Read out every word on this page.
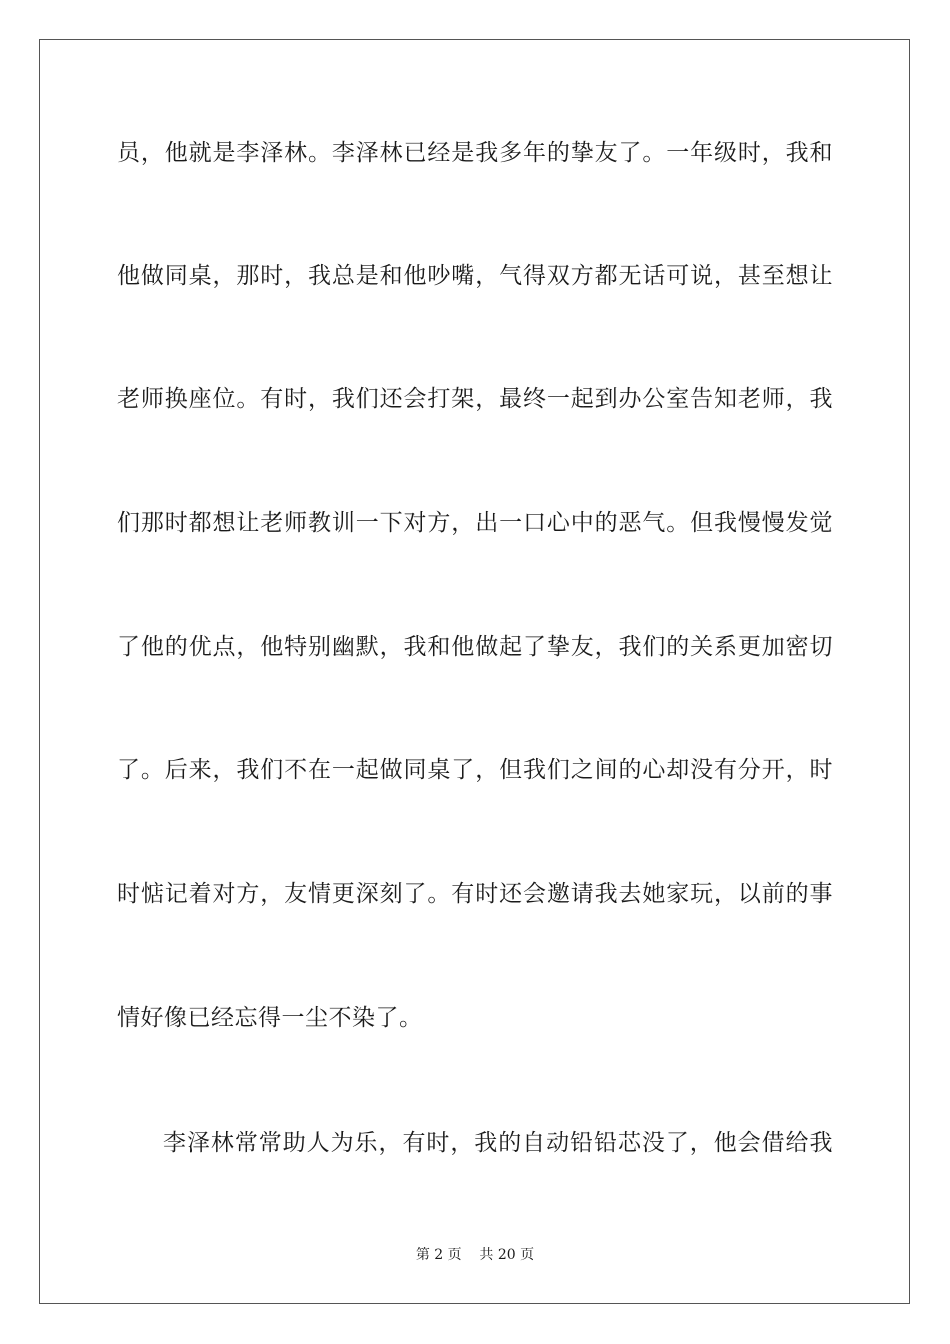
员，他就是李泽林。李泽林已经是我多年的挚友了。一年级时，我和

他做同桌，那时，我总是和他吵嘴，气得双方都无话可说，甚至想让

老师换座位。有时，我们还会打架，最终一起到办公室告知老师，我

们那时都想让老师教训一下对方，出一口心中的恶气。但我慢慢发觉

了他的优点，他特别幽默，我和他做起了挚友，我们的关系更加密切

了。后来，我们不在一起做同桌了，但我们之间的心却没有分开，时

时惦记着对方，友情更深刻了。有时还会邀请我去她家玩，以前的事

情好像已经忘得一尘不染了。

李泽林常常助人为乐，有时，我的自动铅铅芯没了，他会借给我

第 2 页    共 20 页
